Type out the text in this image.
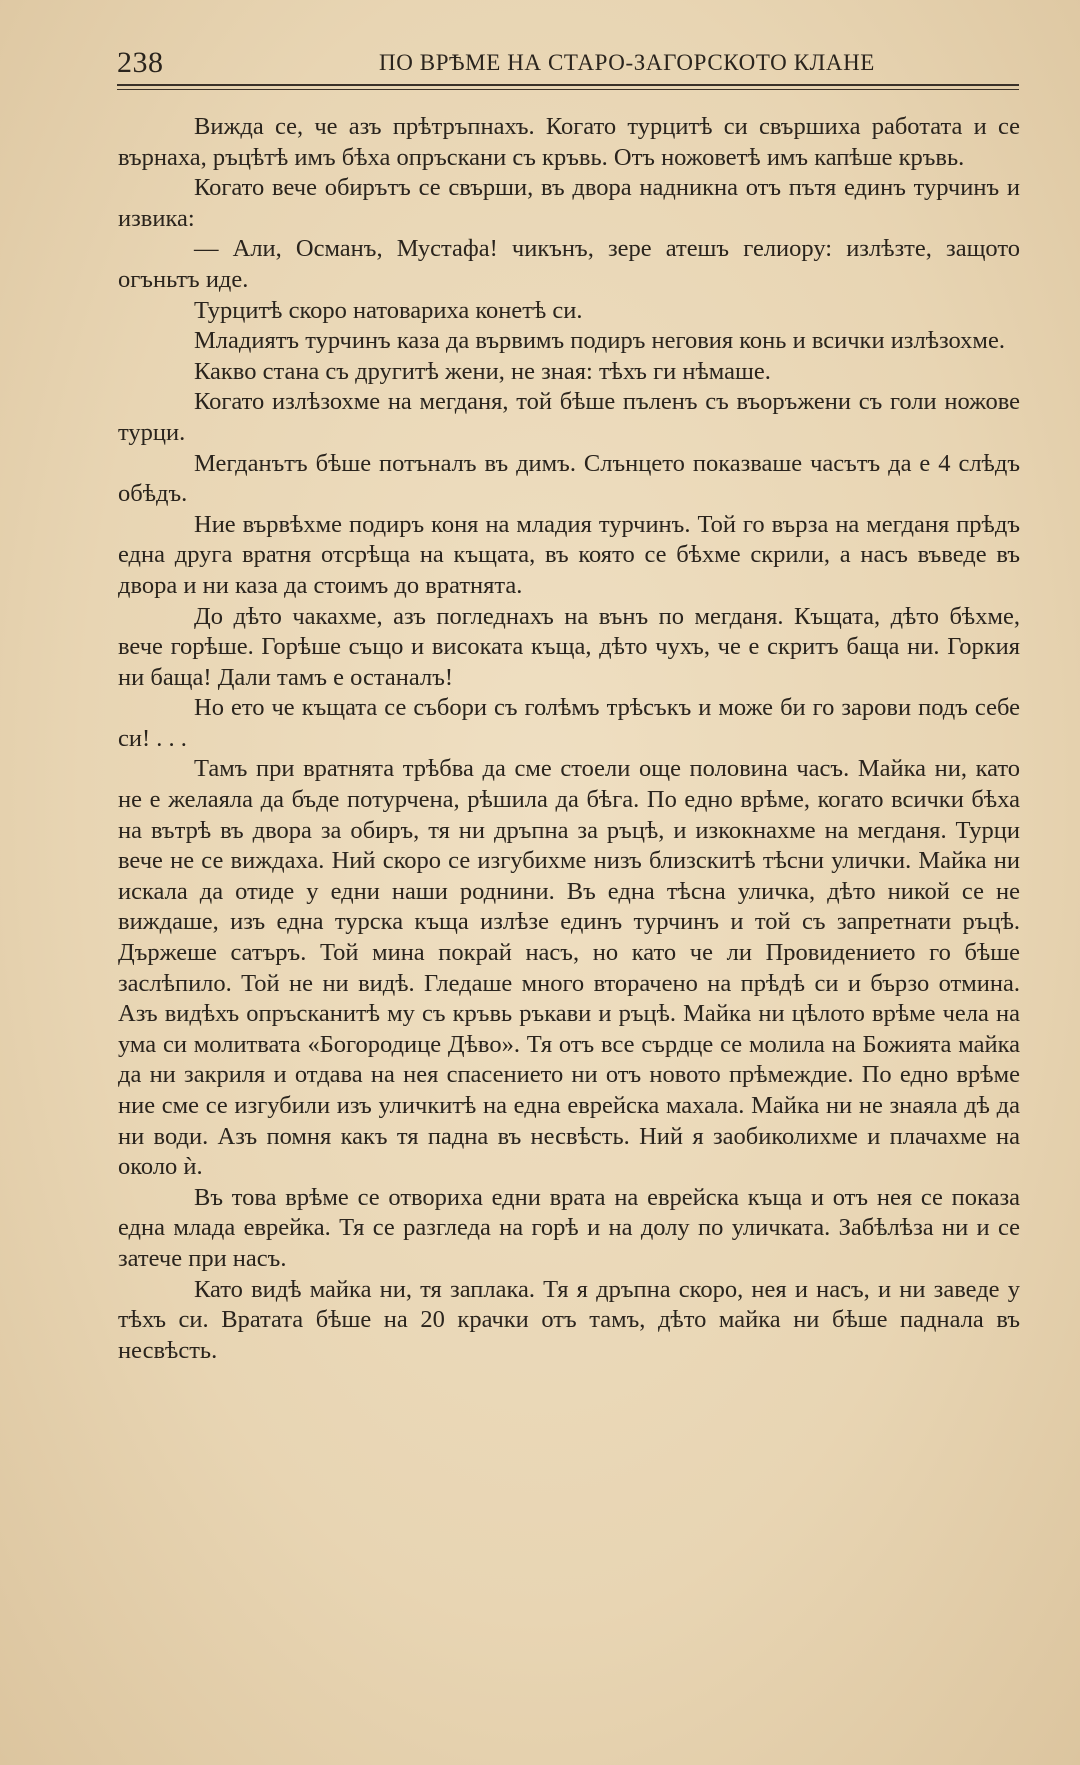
238	ПО ВРѢМЕ НА СТАРО-ЗАГОРСКОТО КЛАНЕ

Вижда се, че азъ прѣтръпнахъ. Когато турцитѣ си свършиха работата и се върнаха, ръцѣтѣ имъ бѣха опръскани съ кръвь. Отъ ножоветѣ имъ капѣше кръвь.

Когато вече обирътъ се свърши, въ двора надникна отъ пътя единъ турчинъ и извика:

— Али, Османъ, Мустафа! чикънъ, зере атешъ гелиору: излѣзте, защото огъньтъ иде.

Турцитѣ скоро натовариха конетѣ си.

Младиятъ турчинъ каза да вървимъ подиръ неговия конь и всички излѣзохме.

Какво стана съ другитѣ жени, не зная: тѣхъ ги нѣмаше.

Когато излѣзохме на мегданя, той бѣше пъленъ съ въоръжени съ голи ножове турци.

Мегданътъ бѣше потъналъ въ димъ. Слънцето показваше часътъ да е 4 слѣдъ обѣдъ.

Ние вървѣхме подиръ коня на младия турчинъ. Той го върза на мегданя прѣдъ една друга вратня отсрѣща на къщата, въ която се бѣхме скрили, а насъ въведе въ двора и ни каза да стоимъ до вратнята.

До дѣто чакахме, азъ погледнахъ на вънъ по мегданя. Къщата, дѣто бѣхме, вече горѣше. Горѣше също и високата къща, дѣто чухъ, че е скритъ баща ни. Горкия ни баща! Дали тамъ е останалъ!

Но ето че къщата се събори съ голѣмъ трѣсъкъ и може би го зарови подъ себе си! . . .

Тамъ при вратнята трѣбва да сме стоели още половина часъ. Майка ни, като не е желаяла да бъде потурчена, рѣшила да бѣга. По едно врѣме, когато всички бѣха на вътрѣ въ двора за обиръ, тя ни дръпна за ръцѣ, и изкокнахме на мегданя. Турци вече не се виждаха. Ний скоро се изгубихме низъ близскитѣ тѣсни улички. Майка ни искала да отиде у едни наши роднини. Въ една тѣсна уличка, дѣто никой се не виждаше, изъ една турска къща излѣзе единъ турчинъ и той съ запретнати ръцѣ. Държеше сатъръ. Той мина покрай насъ, но като че ли Провидението го бѣше заслѣпило. Той не ни видѣ. Гледаше много вторачено на прѣдѣ си и бързо отмина. Азъ видѣхъ опръсканитѣ му съ кръвь ръкави и ръцѣ. Майка ни цѣлото врѣме чела на ума си молитвата «Богородице Дѣво». Тя отъ все сърдце се молила на Божията майка да ни закриля и отдава на нея спасението ни отъ новото прѣмеждие. По едно врѣме ние сме се изгубили изъ уличкитѣ на една еврейска махала. Майка ни не знаяла дѣ да ни води. Азъ помня какъ тя падна въ несвѣсть. Ний я заобиколихме и плачахме на около ѝ.

Въ това врѣме се отвориха едни врата на еврейска къща и отъ нея се показа една млада еврейка. Тя се разгледа на горѣ и на долу по уличката. Забѣлѣза ни и се затече при насъ.

Като видѣ майка ни, тя заплака. Тя я дръпна скоро, нея и насъ, и ни заведе у тѣхъ си. Вратата бѣше на 20 крачки отъ тамъ, дѣто майка ни бѣше паднала въ несвѣсть.
